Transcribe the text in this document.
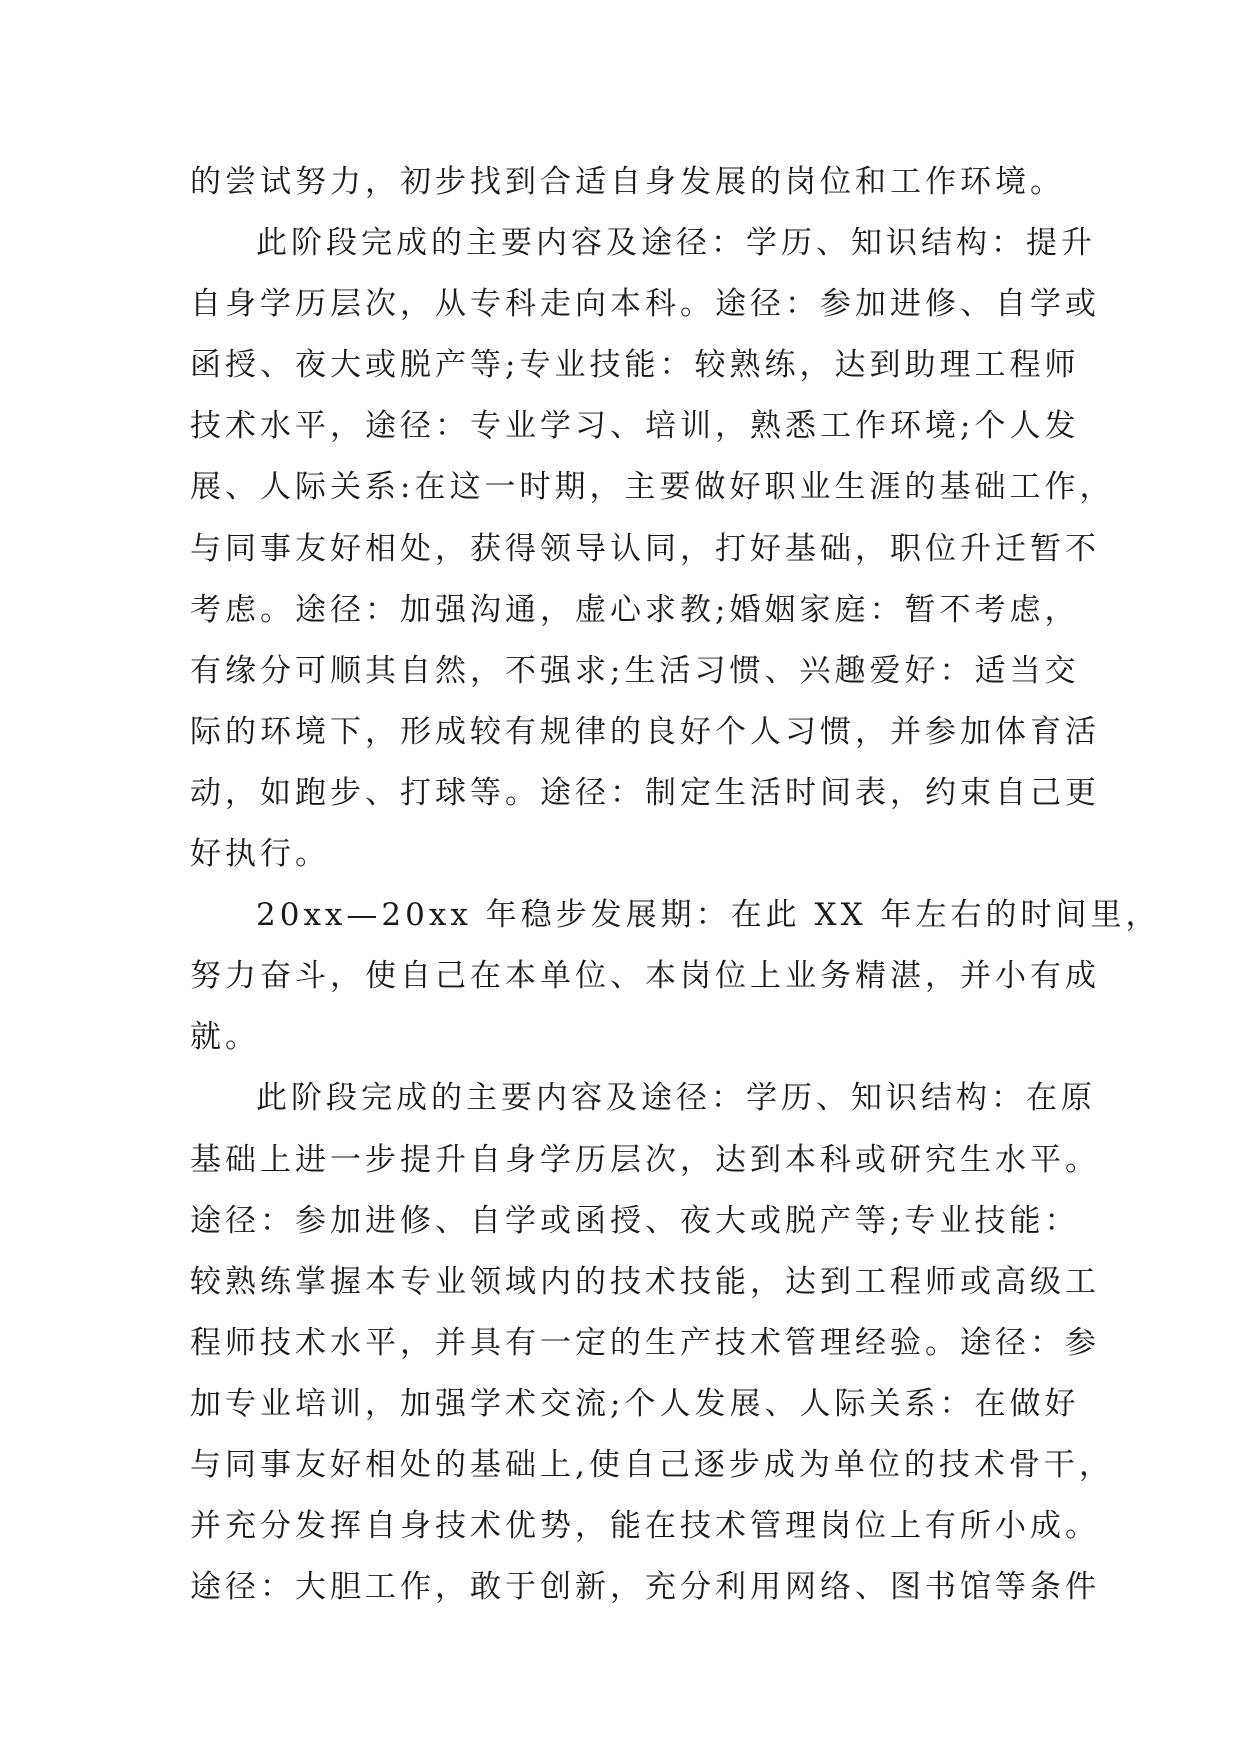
的尝试努力，初步找到合适自身发展的岗位和工作环境。
此阶段完成的主要内容及途径：学历、知识结构：提升
自身学历层次，从专科走向本科。途径：参加进修、自学或
函授、夜大或脱产等;专业技能：较熟练，达到助理工程师
技术水平，途径：专业学习、培训，熟悉工作环境;个人发
展、人际关系:在这一时期，主要做好职业生涯的基础工作，
与同事友好相处，获得领导认同，打好基础，职位升迁暂不
考虑。途径：加强沟通，虚心求教;婚姻家庭：暂不考虑，
有缘分可顺其自然，不强求;生活习惯、兴趣爱好：适当交
际的环境下，形成较有规律的良好个人习惯，并参加体育活
动，如跑步、打球等。途径：制定生活时间表，约束自己更
好执行。
20xx—20xx 年稳步发展期：在此 XX 年左右的时间里，
努力奋斗，使自己在本单位、本岗位上业务精湛，并小有成
就。
此阶段完成的主要内容及途径：学历、知识结构：在原
基础上进一步提升自身学历层次，达到本科或研究生水平。
途径：参加进修、自学或函授、夜大或脱产等;专业技能：
较熟练掌握本专业领域内的技术技能，达到工程师或高级工
程师技术水平，并具有一定的生产技术管理经验。途径：参
加专业培训，加强学术交流;个人发展、人际关系：在做好
与同事友好相处的基础上,使自己逐步成为单位的技术骨干，
并充分发挥自身技术优势，能在技术管理岗位上有所小成。
途径：大胆工作，敢于创新，充分利用网络、图书馆等条件
